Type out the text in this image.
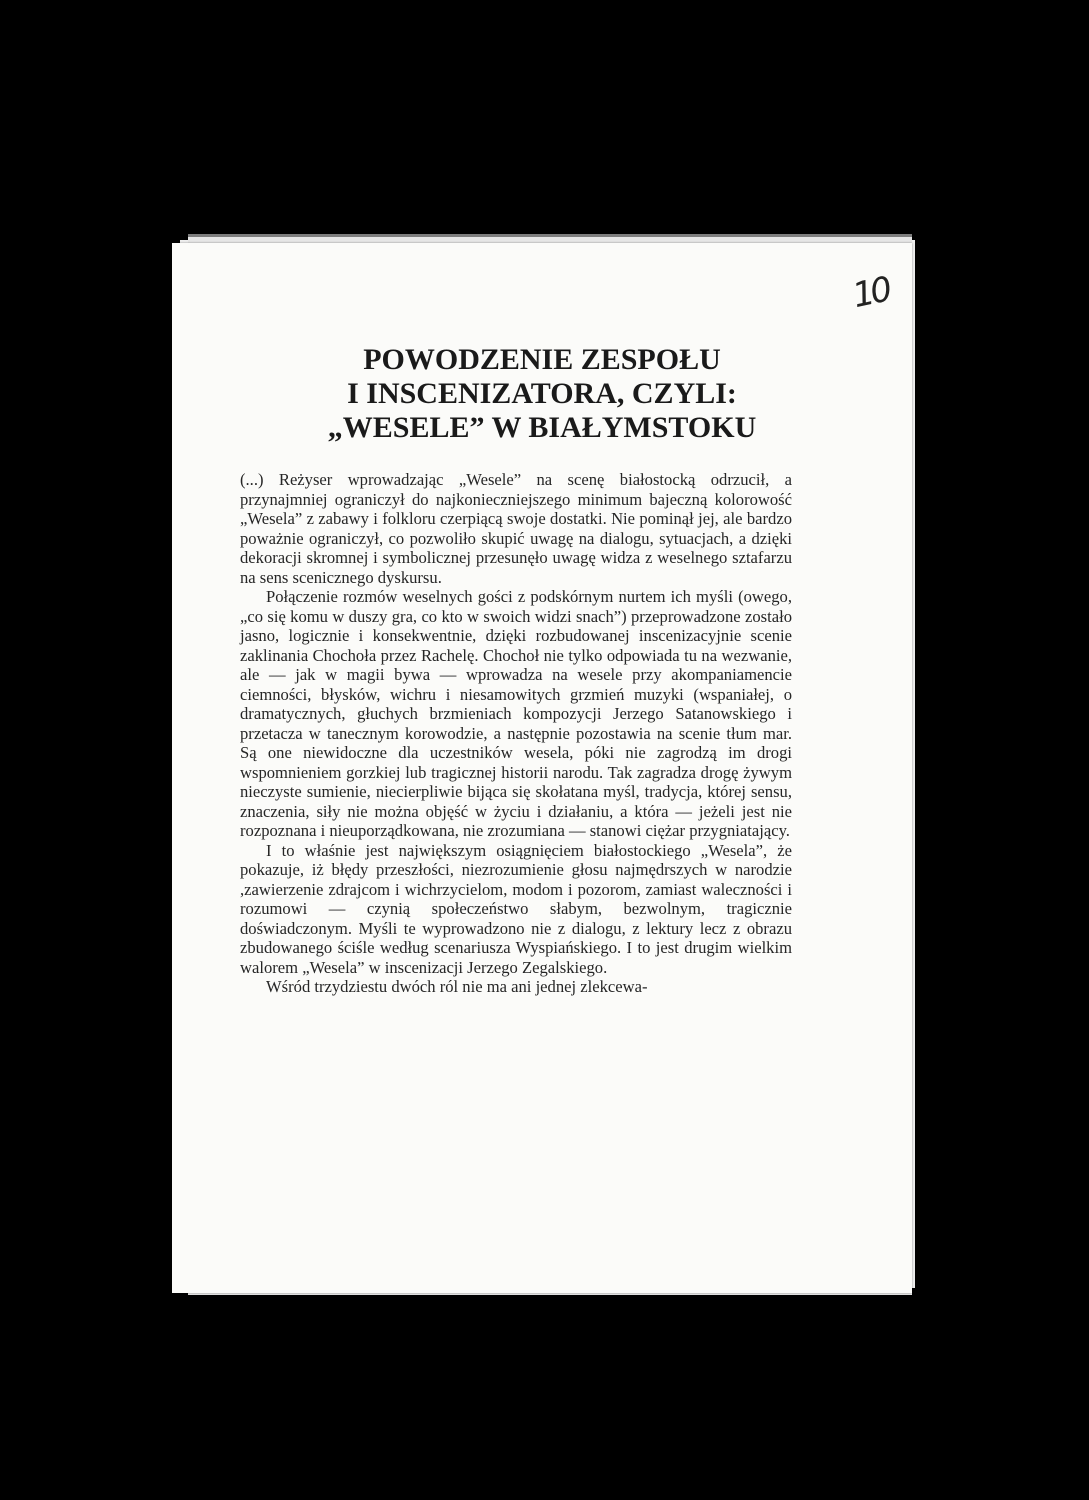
10
POWODZENIE ZESPOŁU
I INSCENIZATORA, CZYLI:
„WESELE” W BIAŁYMSTOKU

(...) Reżyser wprowadzając „Wesele” na scenę białostocką odrzucił, a przynajmniej ograniczył do najkonieczniejszego minimum bajeczną kolorowość „Wesela” z zabawy i folkloru czerpiącą swoje dostatki. Nie pominął jej, ale bardzo poważnie ograniczył, co pozwoliło skupić uwagę na dialogu, sytuacjach, a dzięki dekoracji skromnej i symbolicznej przesunęło uwagę widza z weselnego sztafarzu na sens scenicznego dyskursu.

Połączenie rozmów weselnych gości z podskórnym nurtem ich myśli (owego, „co się komu w duszy gra, co kto w swoich widzi snach”) przeprowadzone zostało jasno, logicznie i konsekwentnie, dzięki rozbudowanej inscenizacyjnie scenie zaklinania Chochoła przez Rachelę. Chochoł nie tylko odpowiada tu na wezwanie, ale — jak w magii bywa — wprowadza na wesele przy akompaniamencie ciemności, błysków, wichru i niesamowitych grzmień muzyki (wspaniałej, o dramatycznych, głuchych brzmieniach kompozycji Jerzego Satanowskiego i przetacza w tanecznym korowodzie, a następnie pozostawia na scenie tłum mar. Są one niewidoczne dla uczestników wesela, póki nie zagrodzą im drogi wspomnieniem gorzkiej lub tragicznej historii narodu. Tak zagradza drogę żywym nieczyste sumienie, niecierpliwie bijąca się skołatana myśl, tradycja, której sensu, znaczenia, siły nie można objęść w życiu i działaniu, a która — jeżeli jest nie rozpoznana i nieuporządkowana, nie zrozumiana — stanowi ciężar przygniatający.

I to właśnie jest największym osiągnięciem białostockiego „Wesela”, że pokazuje, iż błędy przeszłości, niezrozumienie głosu najmędrszych w narodzie ,zawierzenie zdrajcom i wichrzycielom, modom i pozorom, zamiast waleczności i rozumowi — czynią społeczeństwo słabym, bezwolnym, tragicznie doświadczonym. Myśli te wyprowadzono nie z dialogu, z lektury lecz z obrazu zbudowanego ściśle według scenariusza Wyspiańskiego. I to jest drugim wielkim walorem „Wesela” w inscenizacji Jerzego Zegalskiego.

Wśród trzydziestu dwóch ról nie ma ani jednej zlekcewa-
